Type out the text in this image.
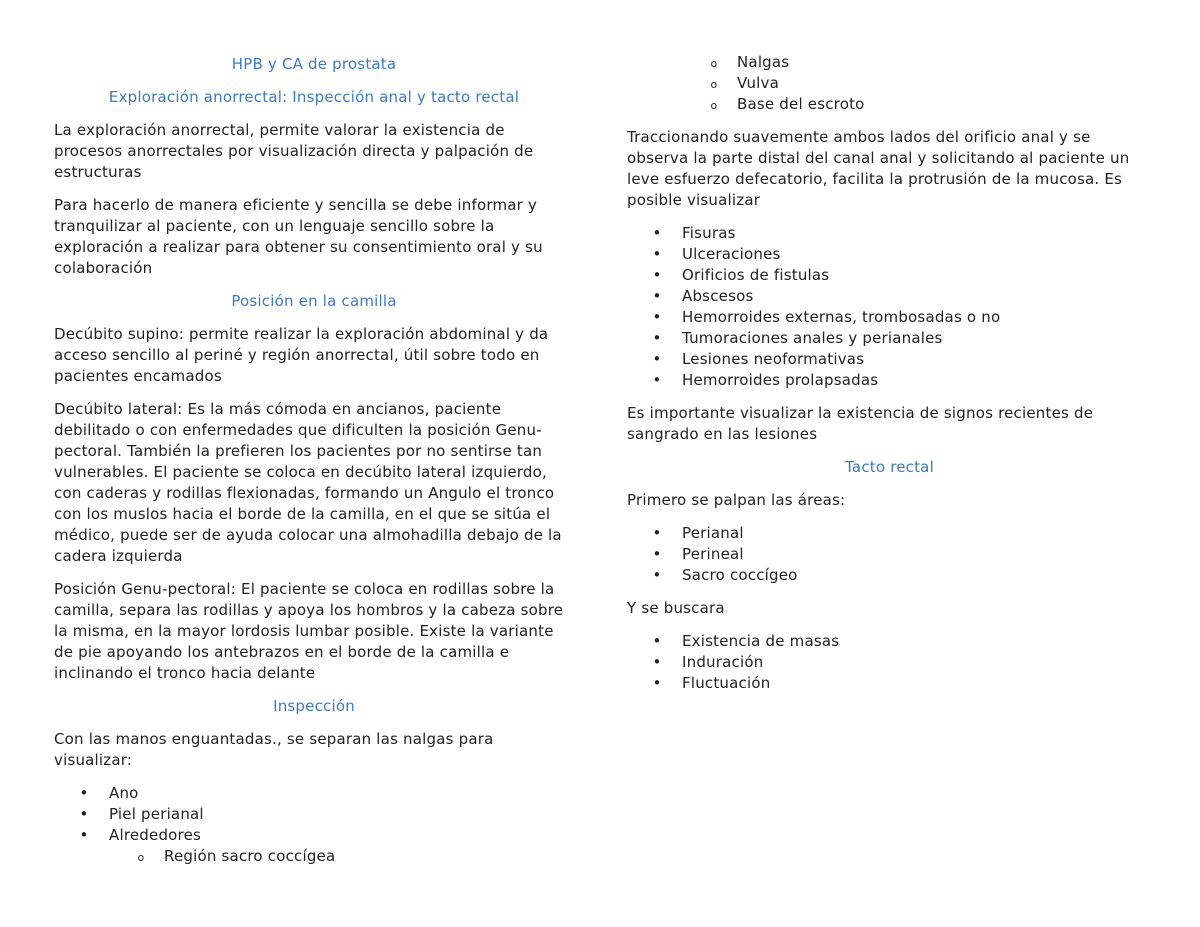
HPB y CA de prostata
Exploración anorrectal: Inspección anal y tacto rectal

La exploración anorrectal, permite valorar la existencia de procesos anorrectales por visualización directa y palpación de estructuras

Para hacerlo de manera eficiente y sencilla se debe informar y tranquilizar al paciente, con un lenguaje sencillo sobre la exploración a realizar para obtener su consentimiento oral y su colaboración

Posición en la camilla

Decúbito supino: permite realizar la exploración abdominal y da acceso sencillo al periné y región anorrectal, útil sobre todo en pacientes encamados

Decúbito lateral: Es la más cómoda en ancianos, paciente debilitado o con enfermedades que dificulten la posición Genu-pectoral. También la prefieren los pacientes por no sentirse tan vulnerables. El paciente se coloca en decúbito lateral izquierdo, con caderas y rodillas flexionadas, formando un Angulo el tronco con los muslos hacia el borde de la camilla, en el que se sitúa el médico, puede ser de ayuda colocar una almohadilla debajo de la cadera izquierda

Posición Genu-pectoral: El paciente se coloca en rodillas sobre la camilla, separa las rodillas y apoya los hombros y la cabeza sobre la misma, en la mayor lordosis lumbar posible. Existe la variante de pie apoyando los antebrazos en el borde de la camilla e inclinando el tronco hacia delante

Inspección

Con las manos enguantadas., se separan las nalgas para visualizar:

• Ano
• Piel perianal
• Alrededores
o Región sacro coccígea
o Nalgas
o Vulva
o Base del escroto

Traccionando suavemente ambos lados del orificio anal y se observa la parte distal del canal anal y solicitando al paciente un leve esfuerzo defecatorio, facilita la protrusión de la mucosa. Es posible visualizar

• Fisuras
• Ulceraciones
• Orificios de fistulas
• Abscesos
• Hemorroides externas, trombosadas o no
• Tumoraciones anales y perianales
• Lesiones neoformativas
• Hemorroides prolapsadas

Es importante visualizar la existencia de signos recientes de sangrado en las lesiones

Tacto rectal

Primero se palpan las áreas:

• Perianal
• Perineal
• Sacro coccígeo

Y se buscara

• Existencia de masas
• Induración
• Fluctuación
